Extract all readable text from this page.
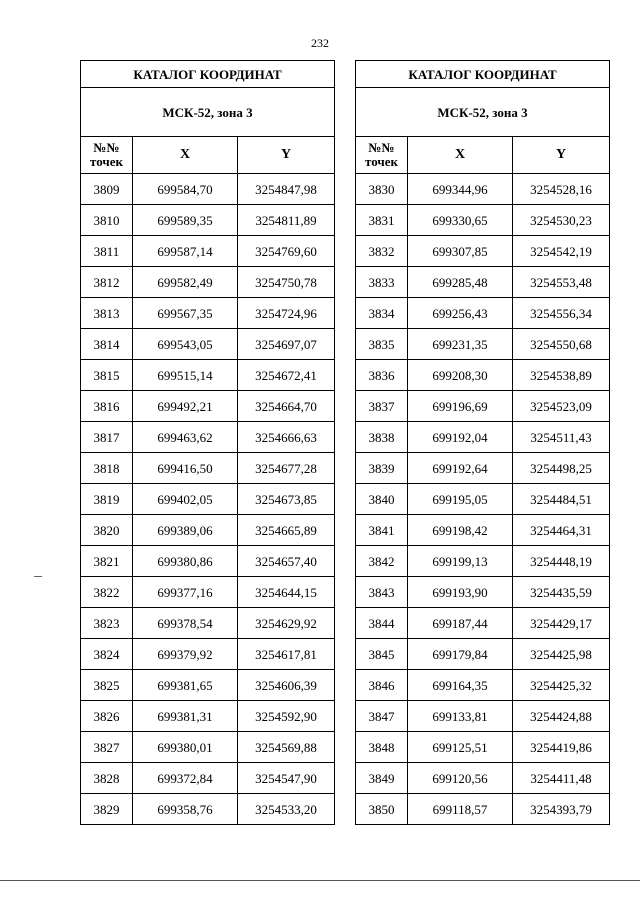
232
КАТАЛОГ КООРДИНАТ		
МСК-52, зона 3		
№№
точек	X	Y
3809	699584,70	3254847,98
3810	699589,35	3254811,89
3811	699587,14	3254769,60
3812	699582,49	3254750,78
3813	699567,35	3254724,96
3814	699543,05	3254697,07
3815	699515,14	3254672,41
3816	699492,21	3254664,70
3817	699463,62	3254666,63
3818	699416,50	3254677,28
3819	699402,05	3254673,85
3820	699389,06	3254665,89
3821	699380,86	3254657,40
3822	699377,16	3254644,15
3823	699378,54	3254629,92
3824	699379,92	3254617,81
3825	699381,65	3254606,39
3826	699381,31	3254592,90
3827	699380,01	3254569,88
3828	699372,84	3254547,90
3829	699358,76	3254533,20
КАТАЛОГ КООРДИНАТ		
МСК-52, зона 3		
№№
точек	X	Y
3830	699344,96	3254528,16
3831	699330,65	3254530,23
3832	699307,85	3254542,19
3833	699285,48	3254553,48
3834	699256,43	3254556,34
3835	699231,35	3254550,68
3836	699208,30	3254538,89
3837	699196,69	3254523,09
3838	699192,04	3254511,43
3839	699192,64	3254498,25
3840	699195,05	3254484,51
3841	699198,42	3254464,31
3842	699199,13	3254448,19
3843	699193,90	3254435,59
3844	699187,44	3254429,17
3845	699179,84	3254425,98
3846	699164,35	3254425,32
3847	699133,81	3254424,88
3848	699125,51	3254419,86
3849	699120,56	3254411,48
3850	699118,57	3254393,79
